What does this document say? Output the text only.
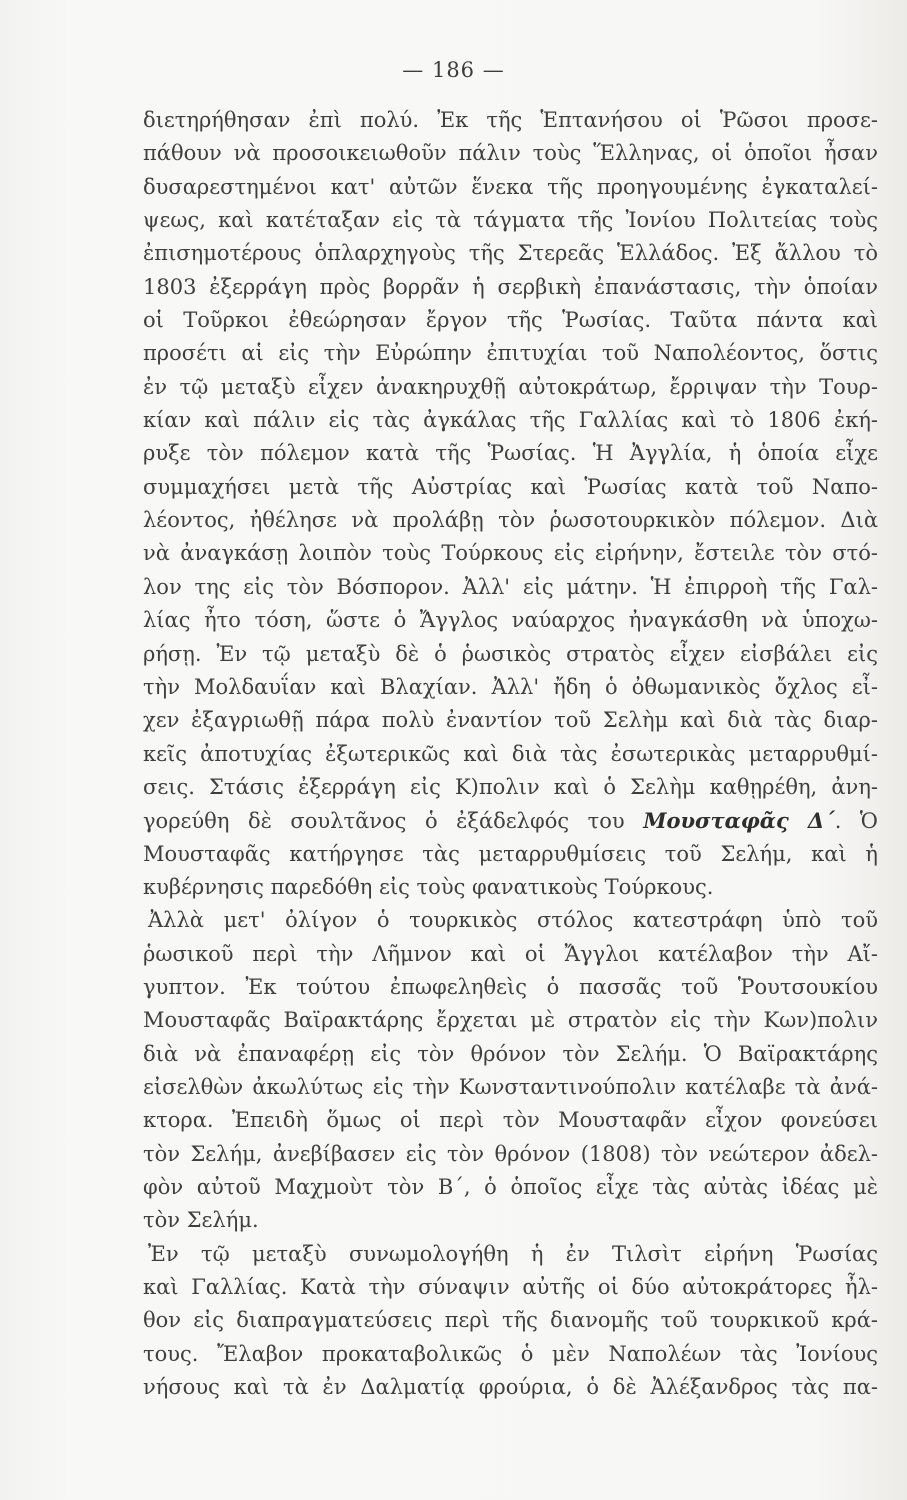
— 186 —
διετηρήθησαν ἐπὶ πολύ. Ἐκ τῆς Ἑπτανήσου οἱ Ῥῶσοι προσε-
πάθουν νὰ προσοικειωθοῦν πάλιν τοὺς Ἕλληνας, οἱ ὁποῖοι ἦσαν
δυσαρεστημένοι κατ' αὐτῶν ἕνεκα τῆς προηγουμένης ἐγκαταλεί-
ψεως, καὶ κατέταξαν εἰς τὰ τάγματα τῆς Ἰονίου Πολιτείας τοὺς
ἐπισημοτέρους ὁπλαρχηγοὺς τῆς Στερεᾶς Ἑλλάδος. Ἐξ ἄλλου τὸ
1803 ἐξερράγη πρὸς βορρᾶν ἡ σερβικὴ ἐπανάστασις, τὴν ὁποίαν
οἱ Τοῦρκοι ἐθεώρησαν ἔργον τῆς Ῥωσίας. Ταῦτα πάντα καὶ
προσέτι αἱ εἰς τὴν Εὐρώπην ἐπιτυχίαι τοῦ Ναπολέοντος, ὅστις
ἐν τῷ μεταξὺ εἶχεν ἀνακηρυχθῇ αὐτοκράτωρ, ἔρριψαν τὴν Τουρ-
κίαν καὶ πάλιν εἰς τὰς ἀγκάλας τῆς Γαλλίας καὶ τὸ 1806 ἐκή-
ρυξε τὸν πόλεμον κατὰ τῆς Ῥωσίας. Ἡ Ἀγγλία, ἡ ὁποία εἶχε
συμμαχήσει μετὰ τῆς Αὐστρίας καὶ Ῥωσίας κατὰ τοῦ Ναπο-
λέοντος, ἠθέλησε νὰ προλάβῃ τὸν ῥωσοτουρκικὸν πόλεμον. Διὰ
νὰ ἀναγκάσῃ λοιπὸν τοὺς Τούρκους εἰς εἰρήνην, ἔστειλε τὸν στό-
λον της εἰς τὸν Βόσπορον. Ἀλλ' εἰς μάτην. Ἡ ἐπιρροὴ τῆς Γαλ-
λίας ἦτο τόση, ὥστε ὁ Ἄγγλος ναύαρχος ἠναγκάσθη νὰ ὑποχω-
ρήσῃ. Ἐν τῷ μεταξὺ δὲ ὁ ῥωσικὸς στρατὸς εἶχεν εἰσβάλει εἰς
τὴν Μολδαυΐαν καὶ Βλαχίαν. Ἀλλ' ἤδη ὁ ὀθωμανικὸς ὄχλος εἶ-
χεν ἐξαγριωθῇ πάρα πολὺ ἐναντίον τοῦ Σελὴμ καὶ διὰ τὰς διαρ-
κεῖς ἀποτυχίας ἐξωτερικῶς καὶ διὰ τὰς ἐσωτερικὰς μεταρρυθμί-
σεις. Στάσις ἐξερράγη εἰς Κ)πολιν καὶ ὁ Σελὴμ καθῃρέθη, ἀνη-
γορεύθη δὲ σουλτᾶνος ὁ ἐξάδελφός του Μουσταφᾶς Δ΄. Ὁ
Μουσταφᾶς κατήργησε τὰς μεταρρυθμίσεις τοῦ Σελήμ, καὶ ἡ
κυβέρνησις παρεδόθη εἰς τοὺς φανατικοὺς Τούρκους.
Ἀλλὰ μετ' ὀλίγον ὁ τουρκικὸς στόλος κατεστράφη ὑπὸ τοῦ
ῥωσικοῦ περὶ τὴν Λῆμνον καὶ οἱ Ἄγγλοι κατέλαβον τὴν Αἴ-
γυπτον. Ἐκ τούτου ἐπωφεληθεὶς ὁ πασσᾶς τοῦ Ῥουτσουκίου
Μουσταφᾶς Βαϊρακτάρης ἔρχεται μὲ στρατὸν εἰς τὴν Κων)πολιν
διὰ νὰ ἐπαναφέρῃ εἰς τὸν θρόνον τὸν Σελήμ. Ὁ Βαϊρακτάρης
εἰσελθὼν ἀκωλύτως εἰς τὴν Κωνσταντινούπολιν κατέλαβε τὰ ἀνά-
κτορα. Ἐπειδὴ ὅμως οἱ περὶ τὸν Μουσταφᾶν εἶχον φονεύσει
τὸν Σελήμ, ἀνεβίβασεν εἰς τὸν θρόνον (1808) τὸν νεώτερον ἀδελ-
φὸν αὐτοῦ Μαχμοὺτ τὸν Β΄, ὁ ὁποῖος εἶχε τὰς αὐτὰς ἰδέας μὲ
τὸν Σελήμ.
Ἐν τῷ μεταξὺ συνωμολογήθη ἡ ἐν Τιλσὶτ εἰρήνη Ῥωσίας
καὶ Γαλλίας. Κατὰ τὴν σύναψιν αὐτῆς οἱ δύο αὐτοκράτορες ἦλ-
θον εἰς διαπραγματεύσεις περὶ τῆς διανομῆς τοῦ τουρκικοῦ κρά-
τους. Ἔλαβον προκαταβολικῶς ὁ μὲν Ναπολέων τὰς Ἰονίους
νήσους καὶ τὰ ἐν Δαλματίᾳ φρούρια, ὁ δὲ Ἀλέξανδρος τὰς πα-
